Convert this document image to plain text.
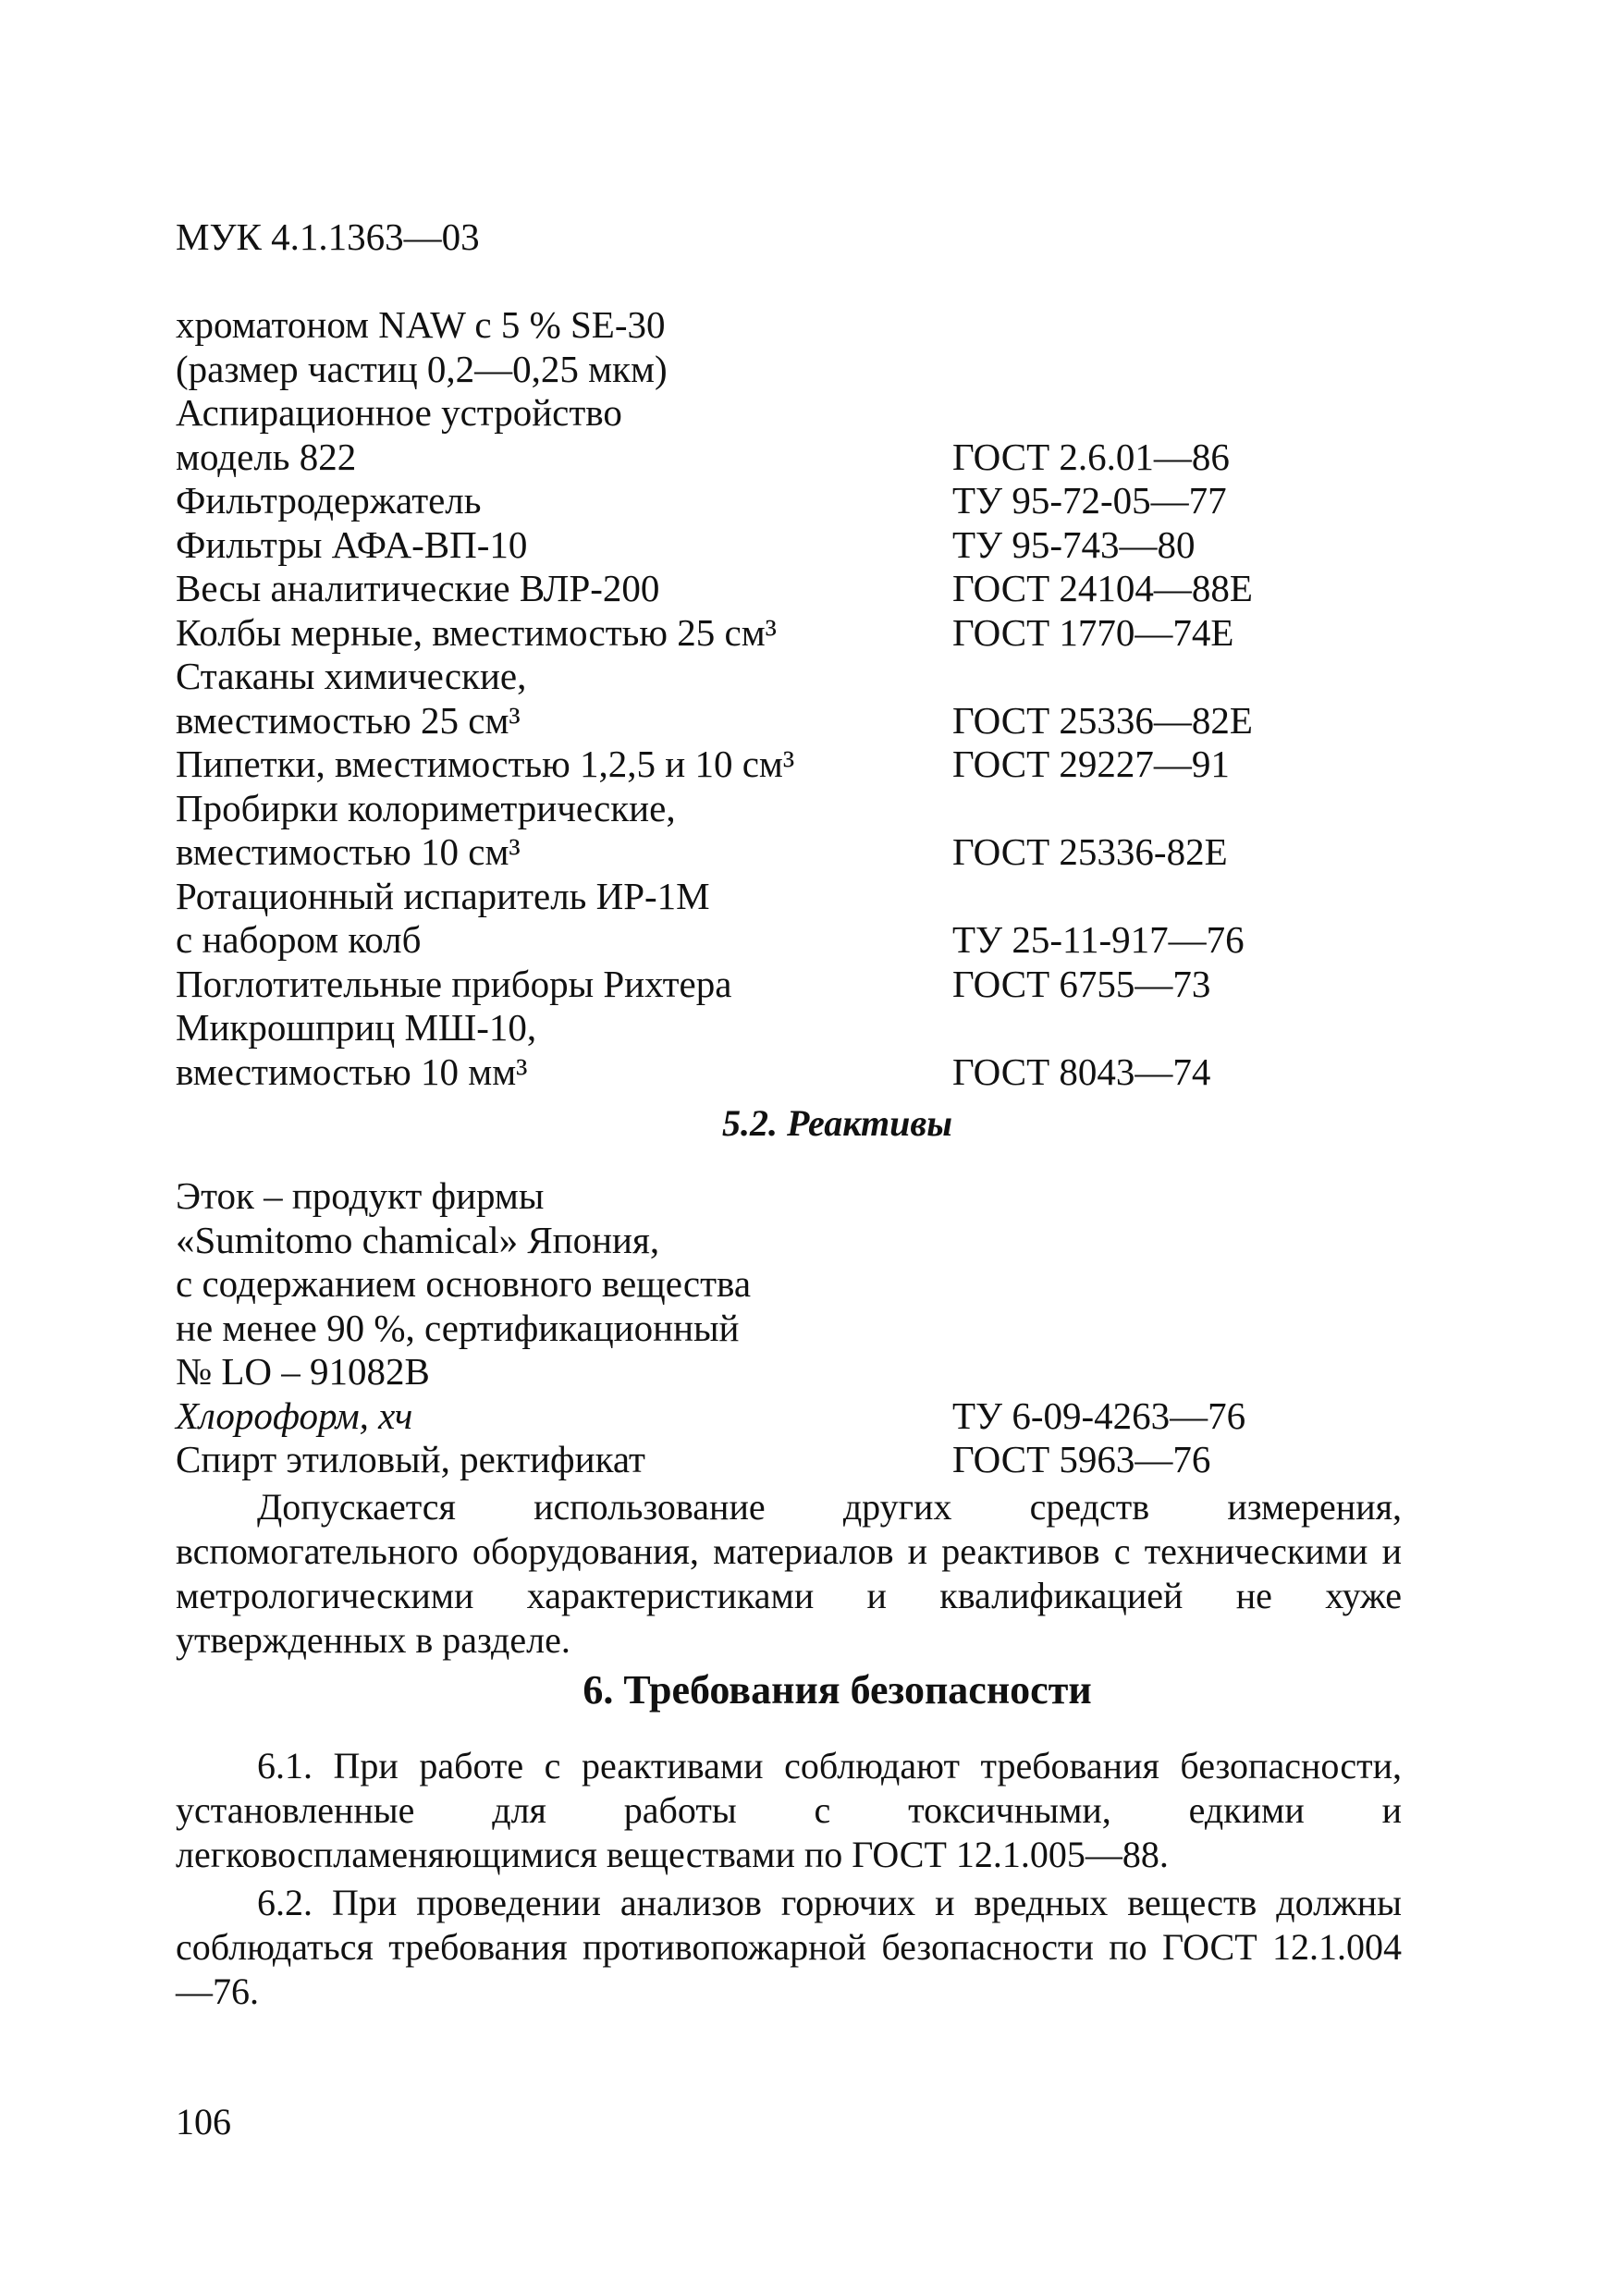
МУК 4.1.1363—03
хроматоном NAW с 5 % SE-30
(размер частиц 0,2—0,25 мкм)
Аспирационное устройство
модель 822	ГОСТ 2.6.01—86
Фильтродержатель	ТУ 95-72-05—77
Фильтры АФА-ВП-10	ТУ 95-743—80
Весы аналитические ВЛР-200	ГОСТ 24104—88Е
Колбы мерные, вместимостью 25 см³	ГОСТ 1770—74Е
Стаканы химические,
вместимостью 25 см³	ГОСТ 25336—82Е
Пипетки, вместимостью 1,2,5 и 10 см³	ГОСТ 29227—91
Пробирки колориметрические,
вместимостью 10 см³	ГОСТ 25336-82Е
Ротационный испаритель ИР-1М
с набором колб	ТУ 25-11-917—76
Поглотительные приборы Рихтера	ГОСТ 6755—73
Микрошприц МШ-10,
вместимостью 10 мм³	ГОСТ 8043—74
5.2. Реактивы
Эток – продукт фирмы
«Sumitomo chamical» Япония,
с содержанием основного вещества
не менее 90 %, сертификационный
№ LO – 91082B
Хлороформ, хч	ТУ 6-09-4263—76
Спирт этиловый, ректификат	ГОСТ 5963—76
Допускается использование других средств измерения, вспомогательного оборудования, материалов и реактивов с техническими и метрологическими характеристиками и квалификацией не хуже утвержденных в разделе.
6. Требования безопасности
6.1. При работе с реактивами соблюдают требования безопасности, установленные для работы с токсичными, едкими и легковоспламеняющимися веществами по ГОСТ 12.1.005—88.
6.2. При проведении анализов горючих и вредных веществ должны соблюдаться требования противопожарной безопасности по ГОСТ 12.1.004—76.
106
